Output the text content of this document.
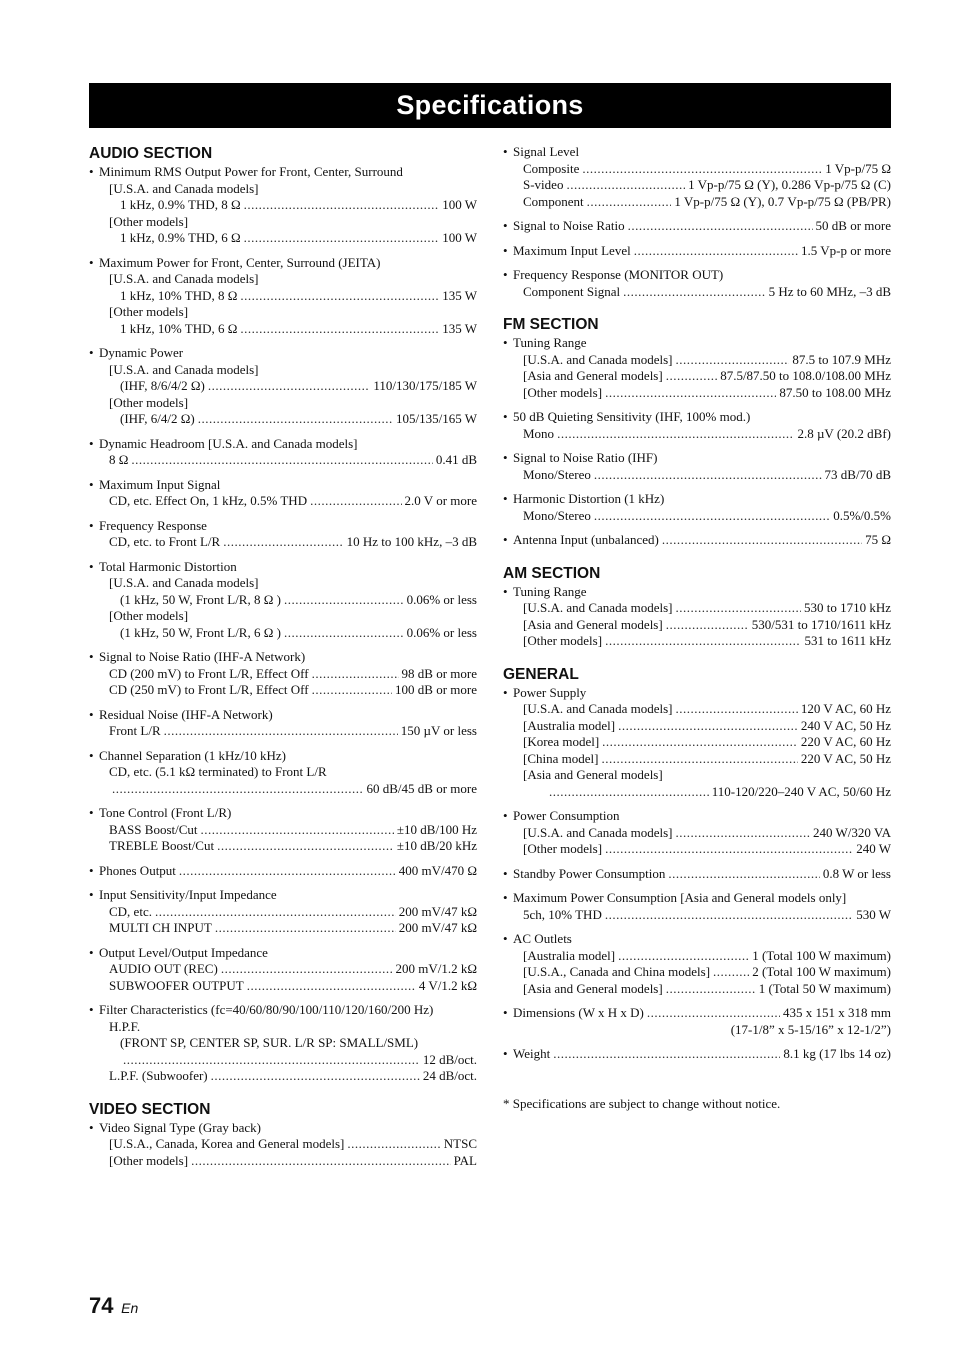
Specifications
AUDIO SECTION
• Minimum RMS Output Power for Front, Center, Surround
[U.S.A. and Canada models]
1 kHz, 0.9% THD, 8 Ω .....	100 W
[Other models]
1 kHz, 0.9% THD, 6 Ω .....	100 W
• Maximum Power for Front, Center, Surround (JEITA)
[U.S.A. and Canada models]
1 kHz, 10% THD, 8 Ω .....	135 W
[Other models]
1 kHz, 10% THD, 6 Ω .....	135 W
• Dynamic Power
[U.S.A. and Canada models]
(IHF, 8/6/4/2 Ω) .....	110/130/175/185 W
[Other models]
(IHF, 6/4/2 Ω) .....	105/135/165 W
• Dynamic Headroom [U.S.A. and Canada models]
8 Ω .....	0.41 dB
• Maximum Input Signal
CD, etc. Effect On, 1 kHz, 0.5% THD .....	2.0 V or more
• Frequency Response
CD, etc. to Front L/R .....	10 Hz to 100 kHz, –3 dB
• Total Harmonic Distortion
[U.S.A. and Canada models]
(1 kHz, 50 W, Front L/R, 8 Ω ) .....	0.06% or less
[Other models]
(1 kHz, 50 W, Front L/R, 6 Ω ) .....	0.06% or less
• Signal to Noise Ratio (IHF-A Network)
CD (200 mV) to Front L/R, Effect Off .....	98 dB or more
CD (250 mV) to Front L/R, Effect Off .....	100 dB or more
• Residual Noise (IHF-A Network)
Front L/R .....	150 µV or less
• Channel Separation (1 kHz/10 kHz)
CD, etc. (5.1 kΩ terminated) to Front L/R
.....
60 dB/45 dB or more
• Tone Control (Front L/R)
BASS Boost/Cut .....	±10 dB/100 Hz
TREBLE Boost/Cut .....	±10 dB/20 kHz
• Phones Output .....	400 mV/470 Ω
• Input Sensitivity/Input Impedance
CD, etc. .....	200 mV/47 kΩ
MULTI CH INPUT .....	200 mV/47 kΩ
• Output Level/Output Impedance
AUDIO OUT (REC) .....	200 mV/1.2 kΩ
SUBWOOFER OUTPUT .....	4 V/1.2 kΩ
• Filter Characteristics (fc=40/60/80/90/100/110/120/160/200 Hz)
H.P.F.
(FRONT SP, CENTER SP, SUR. L/R SP: SMALL/SML)
.....
12 dB/oct.
L.P.F. (Subwoofer) .....	24 dB/oct.
VIDEO SECTION
• Video Signal Type (Gray back)
[U.S.A., Canada, Korea and General models] .....	NTSC
[Other models] .....	PAL
• Signal Level
Composite .....	1 Vp-p/75 Ω
S-video .....	1 Vp-p/75 Ω (Y), 0.286 Vp-p/75 Ω (C)
Component .....	1 Vp-p/75 Ω (Y), 0.7 Vp-p/75 Ω (PB/PR)
• Signal to Noise Ratio .....	50 dB or more
• Maximum Input Level .....	1.5 Vp-p or more
• Frequency Response (MONITOR OUT)
Component Signal .....	5 Hz to 60 MHz, –3 dB
FM SECTION
• Tuning Range
[U.S.A. and Canada models] .....	87.5 to 107.9 MHz
[Asia and General models] .....	87.5/87.50 to 108.0/108.00 MHz
[Other models] .....	87.50 to 108.00 MHz
• 50 dB Quieting Sensitivity (IHF, 100% mod.)
Mono .....	2.8 µV (20.2 dBf)
• Signal to Noise Ratio (IHF)
Mono/Stereo .....	73 dB/70 dB
• Harmonic Distortion (1 kHz)
Mono/Stereo .....	0.5%/0.5%
• Antenna Input (unbalanced) .....	75 Ω
AM SECTION
• Tuning Range
[U.S.A. and Canada models] .....	530 to 1710 kHz
[Asia and General models] .....	530/531 to 1710/1611 kHz
[Other models] .....	531 to 1611 kHz
GENERAL
• Power Supply
[U.S.A. and Canada models] .....	120 V AC, 60 Hz
[Australia model] .....	240 V AC, 50 Hz
[Korea model] .....	220 V AC, 60 Hz
[China model] .....	220 V AC, 50 Hz
[Asia and General models]
.....
110-120/220–240 V AC, 50/60 Hz
• Power Consumption
[U.S.A. and Canada models] .....	240 W/320 VA
[Other models] .....	240 W
• Standby Power Consumption .....	0.8 W or less
• Maximum Power Consumption [Asia and General models only]
5ch, 10% THD .....	530 W
• AC Outlets
[Australia model] .....	1 (Total 100 W maximum)
[U.S.A., Canada and China models] .....	2 (Total 100 W maximum)
[Asia and General models] .....	1 (Total 50 W maximum)
• Dimensions (W x H x D) .....	435 x 151 x 318 mm
(17-1/8” x 5-15/16” x 12-1/2”)
• Weight .....	8.1 kg (17 lbs 14 oz)
* Specifications are subject to change without notice.
74 En
